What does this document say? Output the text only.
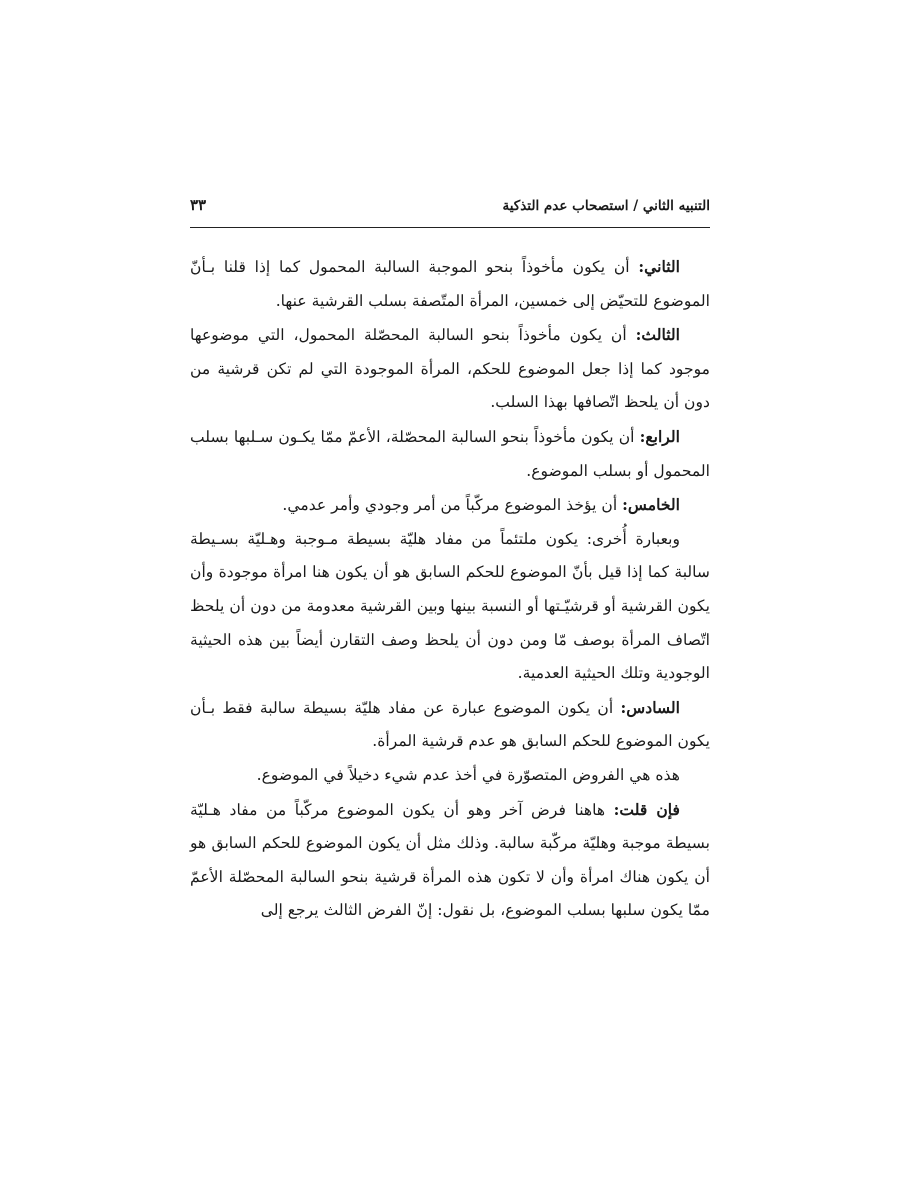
التنبيه الثاني / استصحاب عدم التذكية
٣٣

الثاني: أن يكون مأخوذاً بنحو الموجبة السالبة المحمول كما إذا قلنا بـأنّ الموضوع للتحيّض إلى خمسين، المرأة المتّصفة بسلب القرشية عنها.

الثالث: أن يكون مأخوذاً بنحو السالبة المحصّلة المحمول، التي موضوعها موجود كما إذا جعل الموضوع للحكم، المرأة الموجودة التي لم تكن قرشية من دون أن يلحظ اتّصافها بهذا السلب.

الرابع: أن يكون مأخوذاً بنحو السالبة المحصّلة، الأعمّ ممّا يكـون سـلبها بسلب المحمول أو بسلب الموضوع.

الخامس: أن يؤخذ الموضوع مركّباً من أمر وجودي وأمر عدمي.

وبعبارة أُخرى: يكون ملتئماً من مفاد هليّة بسيطة مـوجبة وهـليّة بسـيطة سالبة كما إذا قيل بأنّ الموضوع للحكم السابق هو أن يكون هنا امرأة موجودة وأن يكون القرشية أو قرشيّـتها أو النسبة بينها وبين القرشية معدومة من دون أن يلحظ اتّصاف المرأة بوصف مّا ومن دون أن يلحظ وصف التقارن أيضاً بين هذه الحيثية الوجودية وتلك الحيثية العدمية.

السادس: أن يكون الموضوع عبارة عن مفاد هليّة بسيطة سالبة فقط بـأن يكون الموضوع للحكم السابق هو عدم قرشية المرأة.

هذه هي الفروض المتصوّرة في أخذ عدم شيء دخيلاً في الموضوع.

فإن قلت: هاهنا فرض آخر وهو أن يكون الموضوع مركّباً من مفاد هـليّة بسيطة موجبة وهليّة مركّبة سالبة. وذلك مثل أن يكون الموضوع للحكم السابق هو أن يكون هناك امرأة وأن لا تكون هذه المرأة قرشية بنحو السالبة المحصّلة الأعمّ ممّا يكون سلبها بسلب الموضوع، بل نقول: إنّ الفرض الثالث يرجع إلى
